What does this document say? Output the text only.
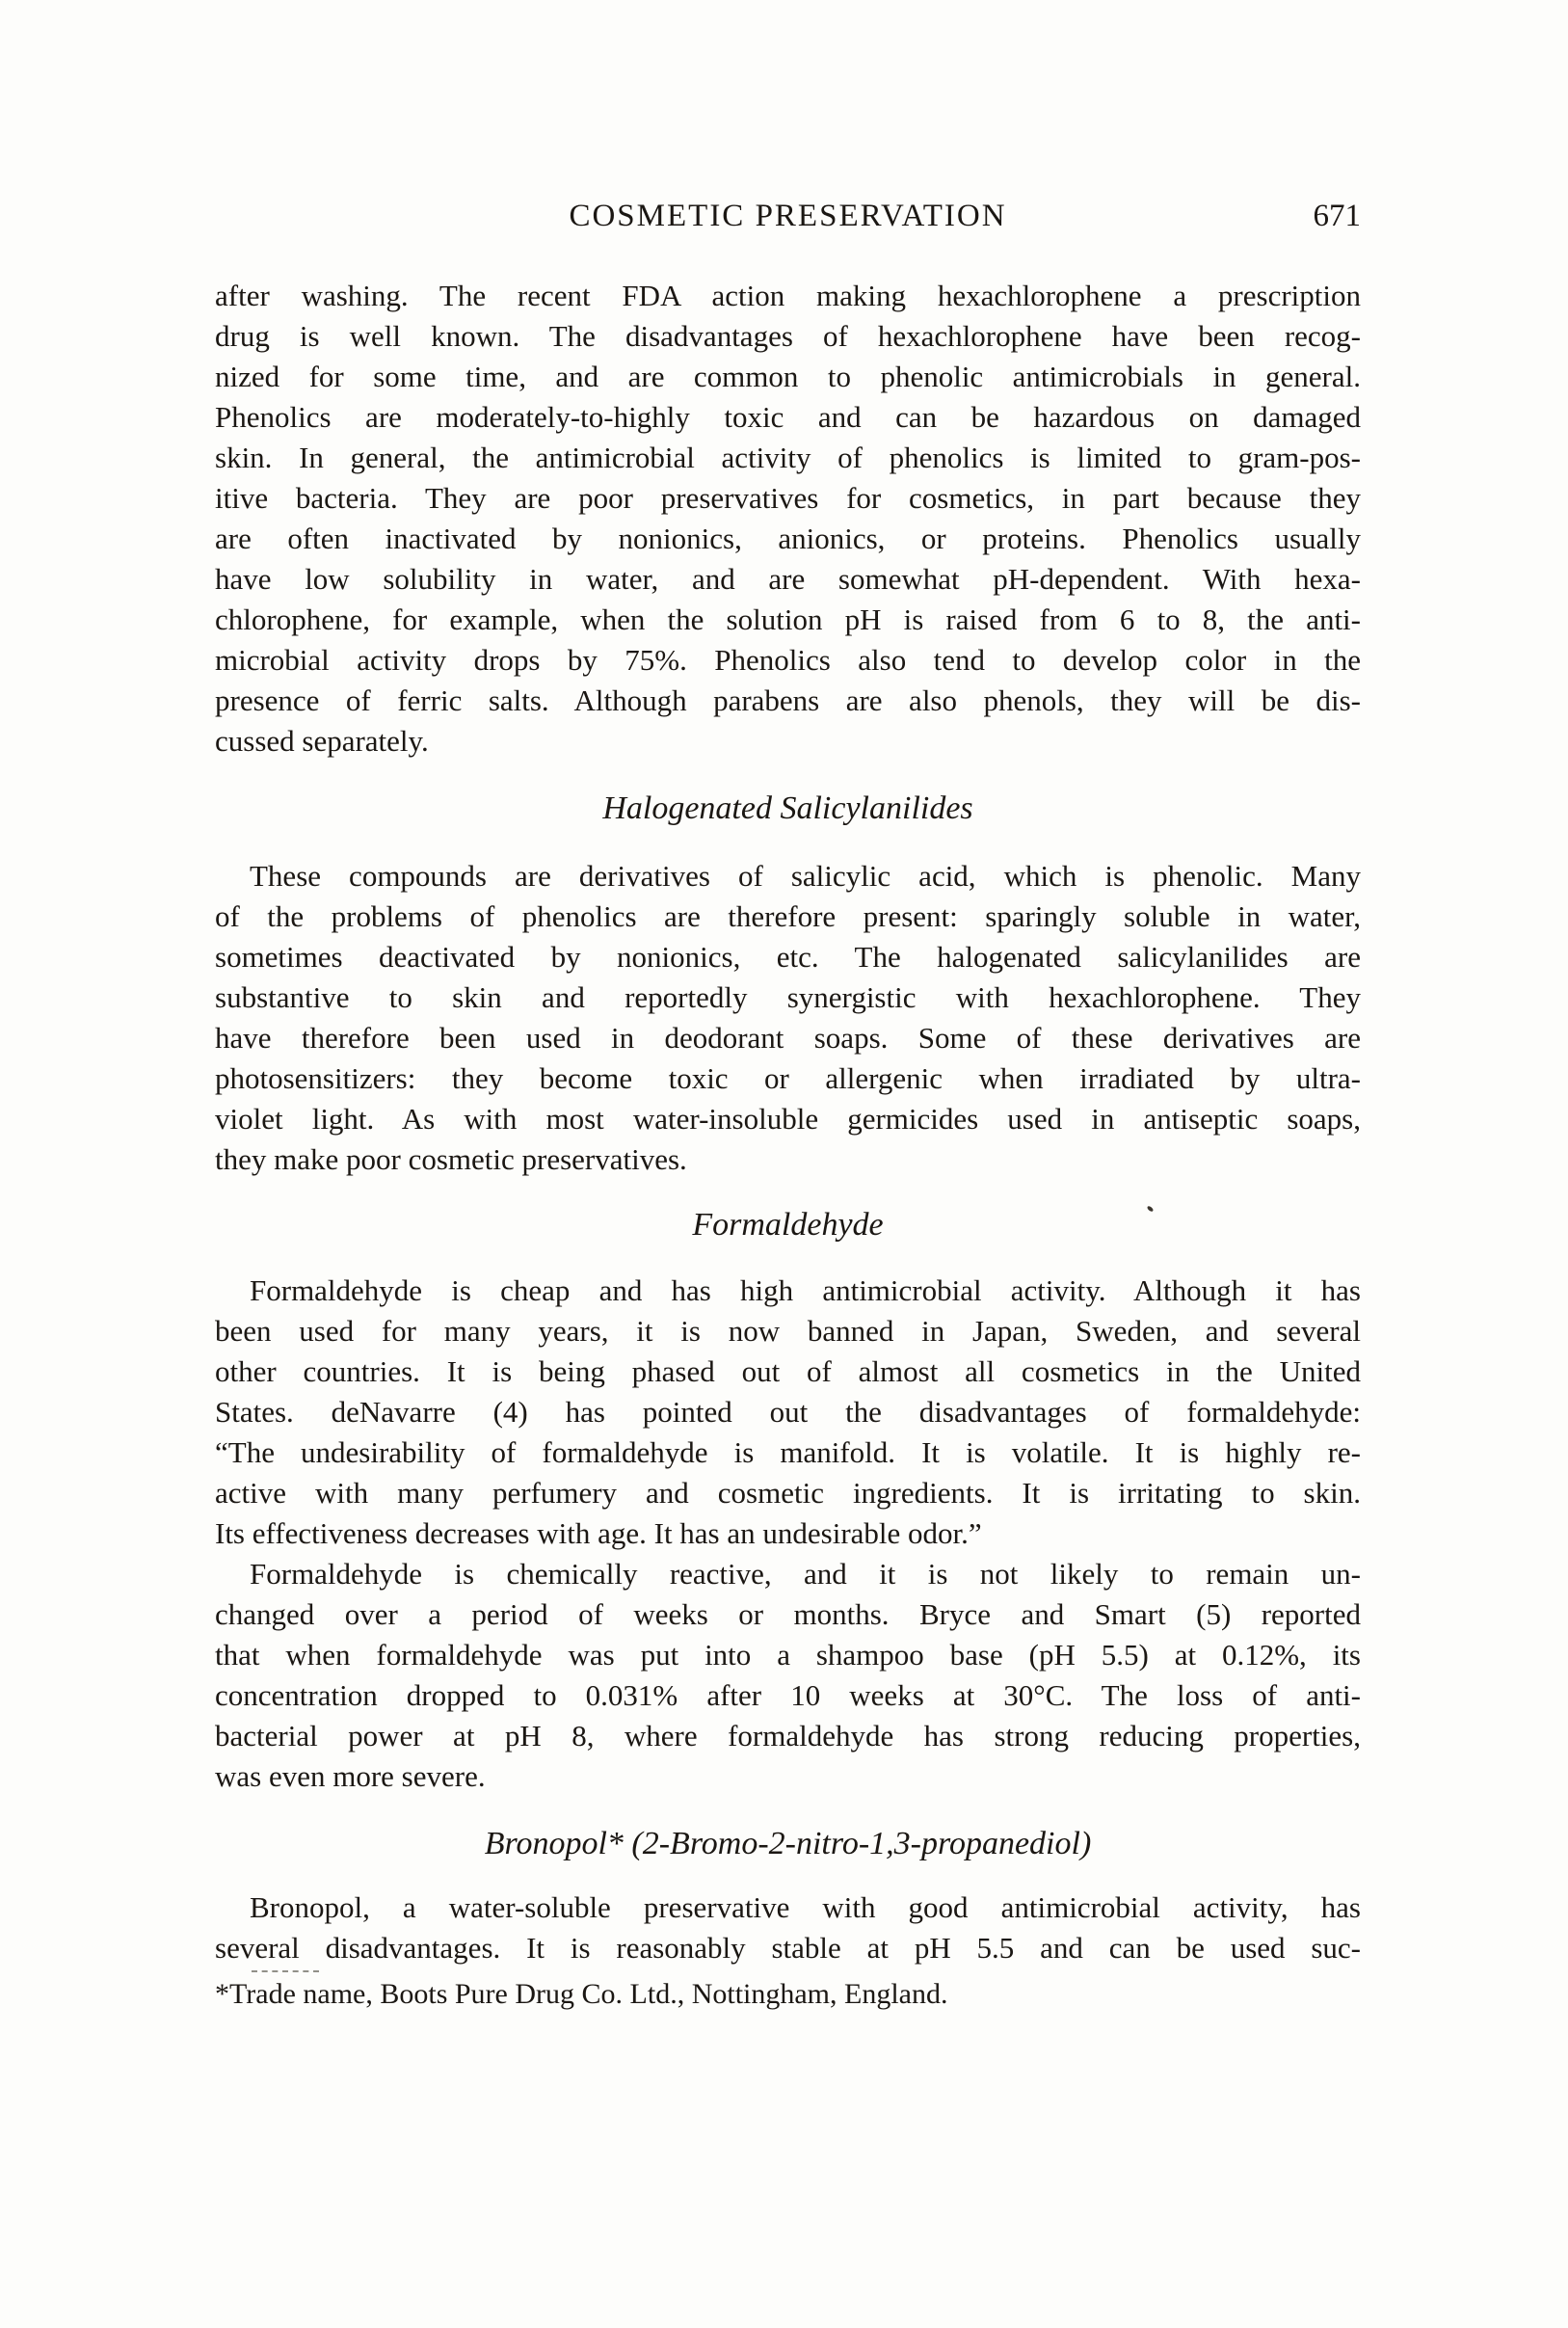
COSMETIC PRESERVATION	671
after washing. The recent FDA action making hexachlorophene a prescription
drug is well known. The disadvantages of hexachlorophene have been recog-
nized for some time, and are common to phenolic antimicrobials in general.
Phenolics are moderately-to-highly toxic and can be hazardous on damaged
skin. In general, the antimicrobial activity of phenolics is limited to gram-pos-
itive bacteria. They are poor preservatives for cosmetics, in part because they
are often inactivated by nonionics, anionics, or proteins. Phenolics usually
have low solubility in water, and are somewhat pH-dependent. With hexa-
chlorophene, for example, when the solution pH is raised from 6 to 8, the anti-
microbial activity drops by 75%. Phenolics also tend to develop color in the
presence of ferric salts. Although parabens are also phenols, they will be dis-
cussed separately.
Halogenated Salicylanilides
These compounds are derivatives of salicylic acid, which is phenolic. Many
of the problems of phenolics are therefore present: sparingly soluble in water,
sometimes deactivated by nonionics, etc. The halogenated salicylanilides are
substantive to skin and reportedly synergistic with hexachlorophene. They
have therefore been used in deodorant soaps. Some of these derivatives are
photosensitizers: they become toxic or allergenic when irradiated by ultra-
violet light. As with most water-insoluble germicides used in antiseptic soaps,
they make poor cosmetic preservatives.
Formaldehyde
Formaldehyde is cheap and has high antimicrobial activity. Although it has
been used for many years, it is now banned in Japan, Sweden, and several
other countries. It is being phased out of almost all cosmetics in the United
States. deNavarre (4) has pointed out the disadvantages of formaldehyde:
“The undesirability of formaldehyde is manifold. It is volatile. It is highly re-
active with many perfumery and cosmetic ingredients. It is irritating to skin.
Its effectiveness decreases with age. It has an undesirable odor.”
Formaldehyde is chemically reactive, and it is not likely to remain un-
changed over a period of weeks or months. Bryce and Smart (5) reported
that when formaldehyde was put into a shampoo base (pH 5.5) at 0.12%, its
concentration dropped to 0.031% after 10 weeks at 30°C. The loss of anti-
bacterial power at pH 8, where formaldehyde has strong reducing properties,
was even more severe.
Bronopol* (2-Bromo-2-nitro-1,3-propanediol)
Bronopol, a water-soluble preservative with good antimicrobial activity, has
several disadvantages. It is reasonably stable at pH 5.5 and can be used suc-
*Trade name, Boots Pure Drug Co. Ltd., Nottingham, England.
